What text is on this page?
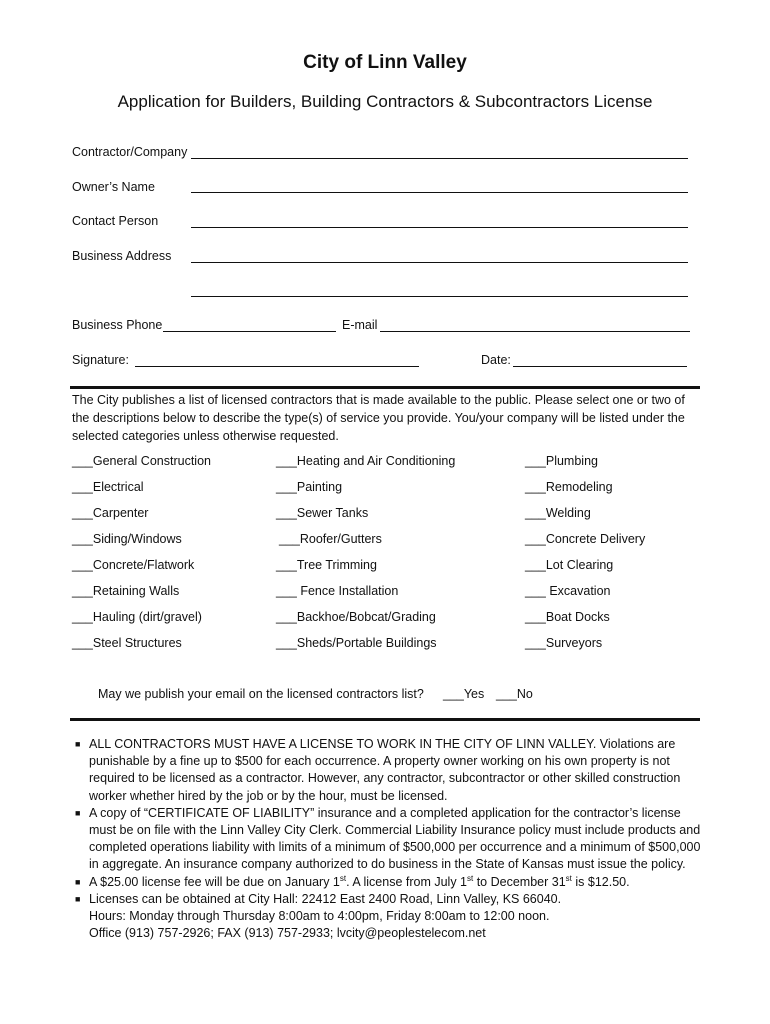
City of Linn Valley
Application for Builders, Building Contractors & Subcontractors License
Contractor/Company
Owner’s Name
Contact Person
Business Address
Business Phone	E-mail
Signature:	Date:
The City publishes a list of licensed contractors that is made available to the public. Please select one or two of the descriptions below to describe the type(s) of service you provide. You/your company will be listed under the selected categories unless otherwise requested.
___General Construction
___Electrical
___Carpenter
___Siding/Windows
___Concrete/Flatwork
___Retaining Walls
___Hauling (dirt/gravel)
___Steel Structures
___Heating and Air Conditioning
___Painting
___Sewer Tanks
___Roofer/Gutters
___Tree Trimming
___ Fence Installation
___Backhoe/Bobcat/Grading
___Sheds/Portable Buildings
___Plumbing
___Remodeling
___Welding
___Concrete Delivery
___Lot Clearing
___ Excavation
___Boat Docks
___Surveyors
May we publish your email on the licensed contractors list? ___Yes ___No
■ ALL CONTRACTORS MUST HAVE A LICENSE TO WORK IN THE CITY OF LINN VALLEY. Violations are punishable by a fine up to $500 for each occurrence. A property owner working on his own property is not required to be licensed as a contractor. However, any contractor, subcontractor or other skilled construction worker whether hired by the job or by the hour, must be licensed.
■ A copy of “CERTIFICATE OF LIABILITY” insurance and a completed application for the contractor’s license must be on file with the Linn Valley City Clerk. Commercial Liability Insurance policy must include products and completed operations liability with limits of a minimum of $500,000 per occurrence and a minimum of $500,000 in aggregate. An insurance company authorized to do business in the State of Kansas must issue the policy.
■ A $25.00 license fee will be due on January 1st. A license from July 1st to December 31st is $12.50.
■ Licenses can be obtained at City Hall: 22412 East 2400 Road, Linn Valley, KS 66040.
Hours: Monday through Thursday 8:00am to 4:00pm, Friday 8:00am to 12:00 noon.
Office (913) 757-2926; FAX (913) 757-2933; lvcity@peoplestelecom.net
